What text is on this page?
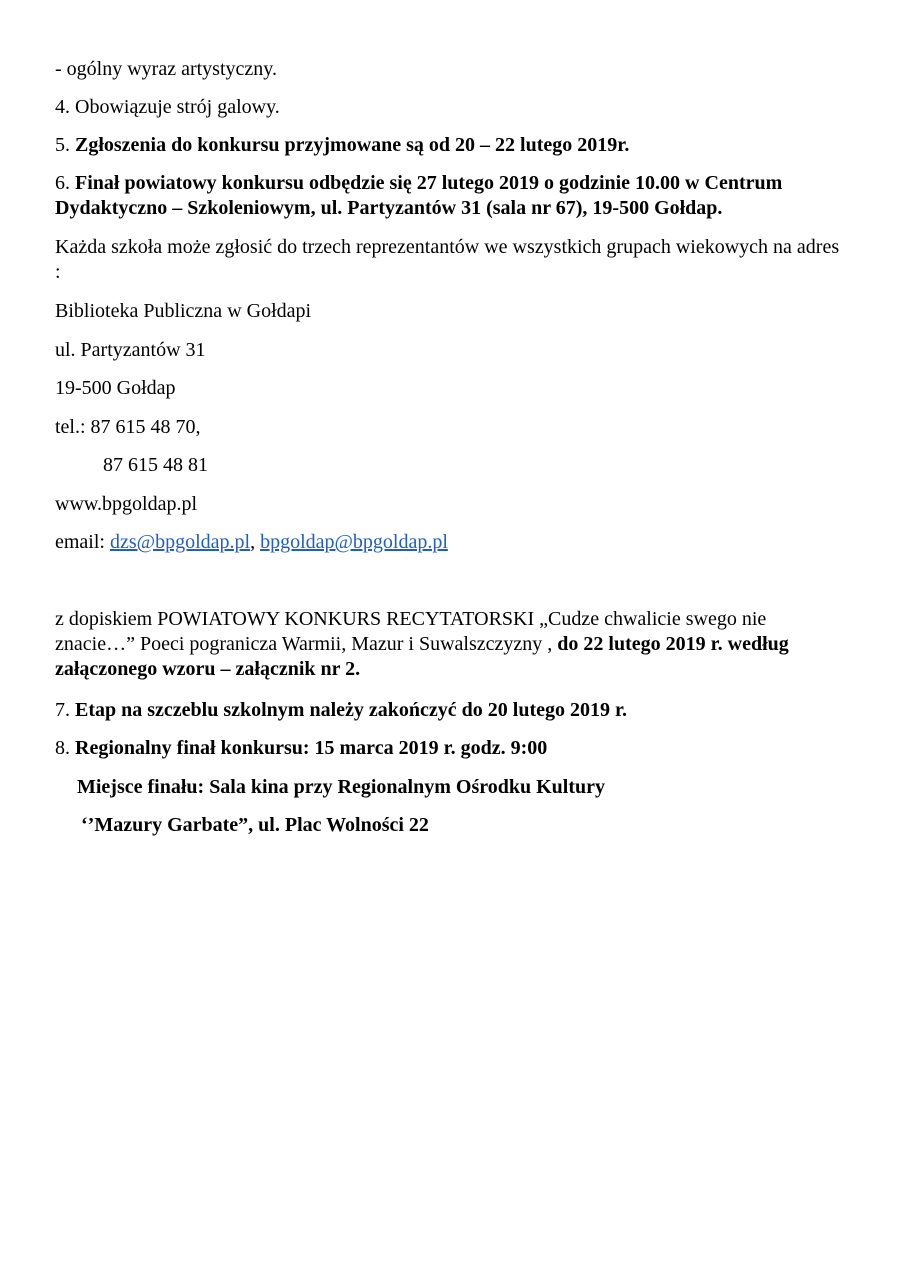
- ogólny wyraz artystyczny.
4. Obowiązuje strój galowy.
5. Zgłoszenia do konkursu przyjmowane są od 20 – 22 lutego 2019r.
6. Finał powiatowy konkursu odbędzie się 27 lutego 2019 o godzinie 10.00 w Centrum Dydaktyczno – Szkoleniowym, ul. Partyzantów 31 (sala nr 67), 19-500 Gołdap.
Każda szkoła może zgłosić do trzech reprezentantów we wszystkich grupach wiekowych na adres :
Biblioteka Publiczna w Gołdapi
ul. Partyzantów 31
19-500 Gołdap
tel.: 87 615 48 70,
87 615 48 81
www.bpgoldap.pl
email: dzs@bpgoldap.pl, bpgoldap@bpgoldap.pl
z dopiskiem POWIATOWY KONKURS RECYTATORSKI „Cudze chwalicie swego nie znacie…” Poeci pogranicza Warmii, Mazur i Suwalszczyzny , do 22 lutego 2019 r. według załączonego wzoru – załącznik nr 2.
7. Etap na szczeblu szkolnym należy zakończyć do 20 lutego 2019 r.
8. Regionalny finał konkursu: 15 marca 2019 r. godz. 9:00
Miejsce finału: Sala kina przy Regionalnym Ośrodku Kultury
‘’Mazury Garbate”, ul. Plac Wolności 22
